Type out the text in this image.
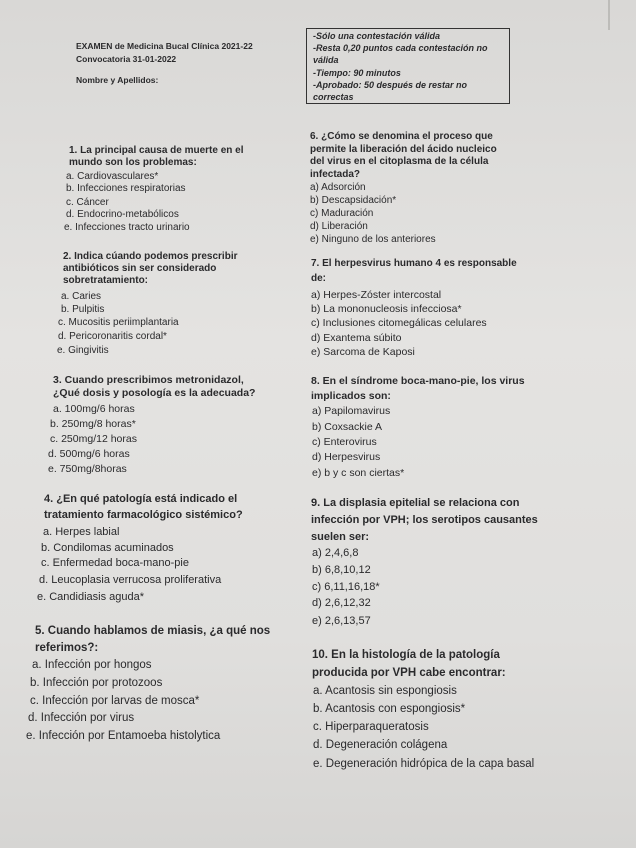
EXAMEN de Medicina Bucal Clínica 2021-22
Convocatoria 31-01-2022
Nombre y Apellidos:
-Sólo una contestación válida
-Resta 0,20 puntos cada contestación no
válida
-Tiempo: 90 minutos
-Aprobado: 50 después de restar no
correctas
1. La principal causa de muerte en el
mundo son los problemas:
a. Cardiovasculares*
b. Infecciones respiratorias
c. Cáncer
d. Endocrino-metabólicos
e. Infecciones tracto urinario
2. Indica cúando podemos prescribir
antibióticos sin ser considerado
sobretratamiento:
a. Caries
b. Pulpitis
c. Mucositis periimplantaria
d. Pericoronaritis cordal*
e. Gingivitis
3. Cuando prescribimos metronidazol,
¿Qué dosis y posología es la adecuada?
a. 100mg/6 horas
b. 250mg/8 horas*
c. 250mg/12 horas
d. 500mg/6 horas
e. 750mg/8horas
4. ¿En qué patología está indicado el
tratamiento farmacológico sistémico?
a. Herpes labial
b. Condilomas acuminados
c. Enfermedad boca-mano-pie
d. Leucoplasia verrucosa proliferativa
e. Candidiasis aguda*
5. Cuando hablamos de miasis, ¿a qué nos
referimos?:
a. Infección por hongos
b. Infección por protozoos
c. Infección por larvas de mosca*
d. Infección por virus
e. Infección por Entamoeba histolytica
6. ¿Cómo se denomina el proceso que
permite la liberación del ácido nucleico
del virus en el citoplasma de la célula
infectada?
a) Adsorción
b) Descapsidación*
c) Maduración
d) Liberación
e) Ninguno de los anteriores
7. El herpesvirus humano 4 es responsable
de:
a) Herpes-Zóster intercostal
b) La mononucleosis infecciosa*
c) Inclusiones citomegálicas celulares
d) Exantema súbito
e) Sarcoma de Kaposi
8. En el síndrome boca-mano-pie, los virus
implicados son:
a) Papilomavirus
b) Coxsackie A
c) Enterovirus
d) Herpesvirus
e) b y c son ciertas*
9. La displasia epitelial se relaciona con
infección por VPH; los serotipos causantes
suelen ser:
a) 2,4,6,8
b) 6,8,10,12
c) 6,11,16,18*
d) 2,6,12,32
e) 2,6,13,57
10. En la histología de la patología
producida por VPH cabe encontrar:
a. Acantosis sin espongiosis
b. Acantosis con espongiosis*
c. Hiperparaqueratosis
d. Degeneración colágena
e. Degeneración hidrópica de la capa basal
